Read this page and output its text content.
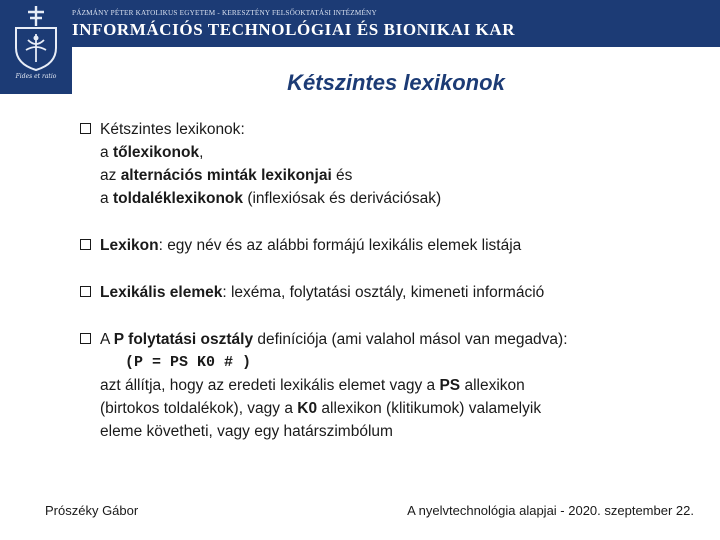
Fides et ratio
PÁZMÁNY PÉTER KATOLIKUS EGYETEM - KERESZTÉNY FELSŐOKTATÁSI INTÉZMÉNY
INFORMÁCIÓS TECHNOLÓGIAI ÉS BIONIKAI KAR
Kétszintes lexikonok
Kétszintes lexikonok:
a tőlexikonok,
az alternációs minták lexikonjai és
a toldaléklexikonok (inflexiósak és derivációsak)
Lexikon: egy név és az alábbi formájú lexikális elemek listája
Lexikális elemek: lexéma, folytatási osztály, kimeneti információ
A P folytatási osztály definíciója (ami valahol másol van megadva):
(P = PS K0 # )
azt állítja, hogy az eredeti lexikális elemet vagy a PS allexikon
(birtokos toldalékok), vagy a K0 allexikon (klitikumok) valamelyik
eleme követheti, vagy egy határszimbólum
Prószéky Gábor	A nyelvtechnológia alapjai - 2020. szeptember 22.
